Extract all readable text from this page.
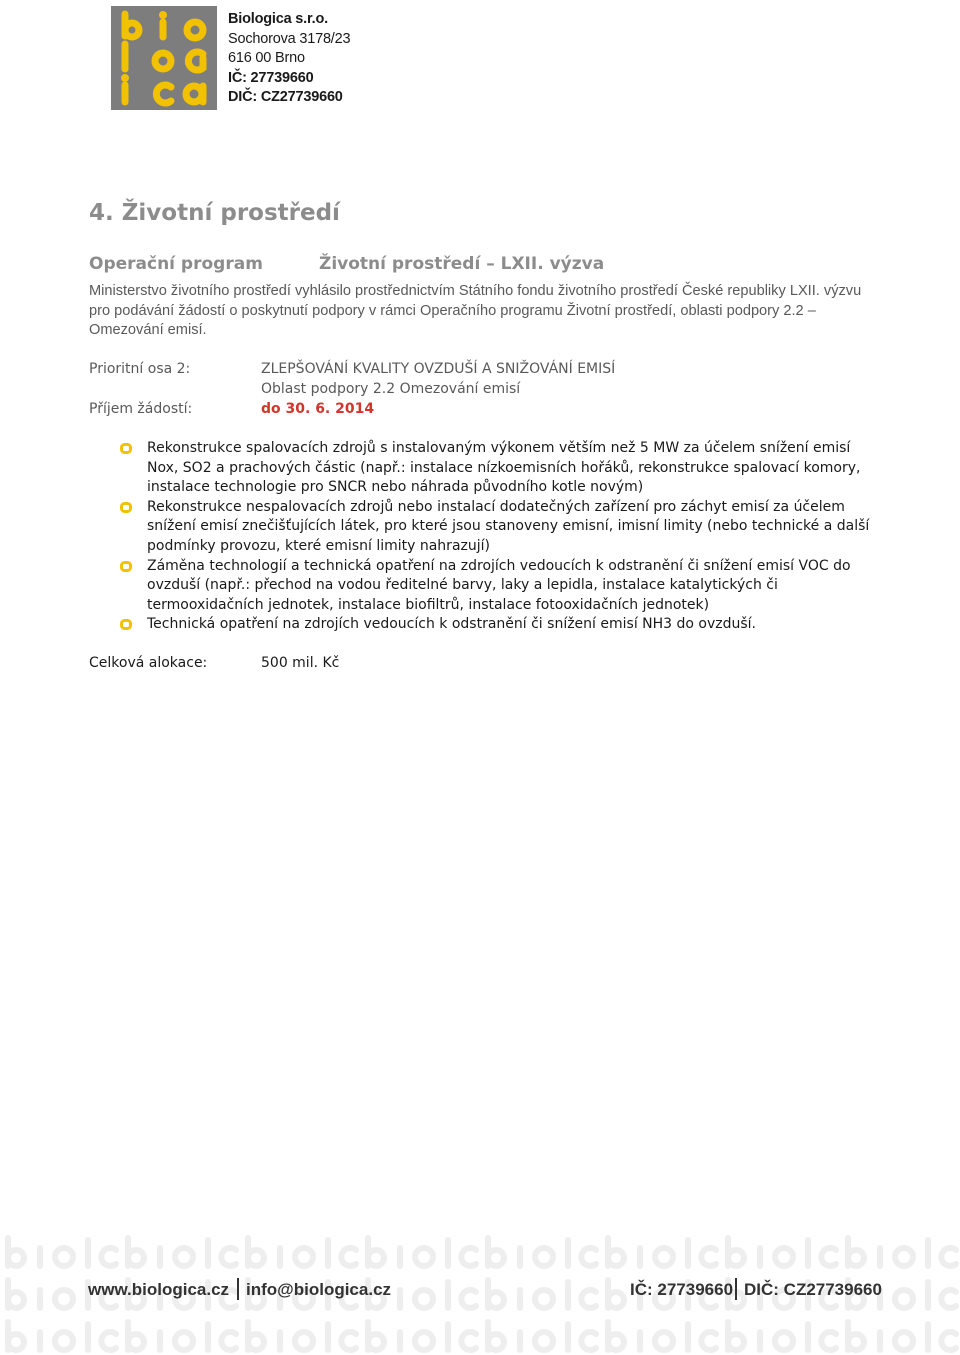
Biologica s.r.o.
Sochorova 3178/23
616 00 Brno
IČ: 27739660
DIČ: CZ27739660
4. Životní prostředí
Operační program	Životní prostředí – LXII. výzva
Ministerstvo životního prostředí vyhlásilo prostřednictvím Státního fondu životního prostředí České republiky LXII. výzvu pro podávání žádostí o poskytnutí podpory v rámci Operačního programu Životní prostředí, oblasti podpory 2.2 – Omezování emisí.
Prioritní osa 2:	ZLEPŠOVÁNÍ KVALITY OVZDUŠÍ A SNIŽOVÁNÍ EMISÍ
Oblast podpory 2.2 Omezování emisí
Příjem žádostí:	do 30. 6. 2014
Rekonstrukce spalovacích zdrojů s instalovaným výkonem větším než 5 MW za účelem snížení emisí Nox, SO2 a prachových částic (např.: instalace nízkoemisních hořáků, rekonstrukce spalovací komory, instalace technologie pro SNCR nebo náhrada původního kotle novým)
Rekonstrukce nespalovacích zdrojů nebo instalací dodatečných zařízení pro záchyt emisí za účelem snížení emisí znečišťujících látek, pro které jsou stanoveny emisní, imisní limity (nebo technické a další podmínky provozu, které emisní limity nahrazují)
Záměna technologií a technická opatření na zdrojích vedoucích k odstranění či snížení emisí VOC do ovzduší (např.: přechod na vodou ředitelné barvy, laky a lepidla, instalace katalytických či termooxidačních jednotek, instalace biofiltrů, instalace fotooxidačních jednotek)
Technická opatření na zdrojích vedoucích k odstranění či snížení emisí NH3 do ovzduší.
Celková alokace:	500 mil. Kč
www.biologica.cz info@biologica.cz	IČ: 27739660 DIČ: CZ27739660
